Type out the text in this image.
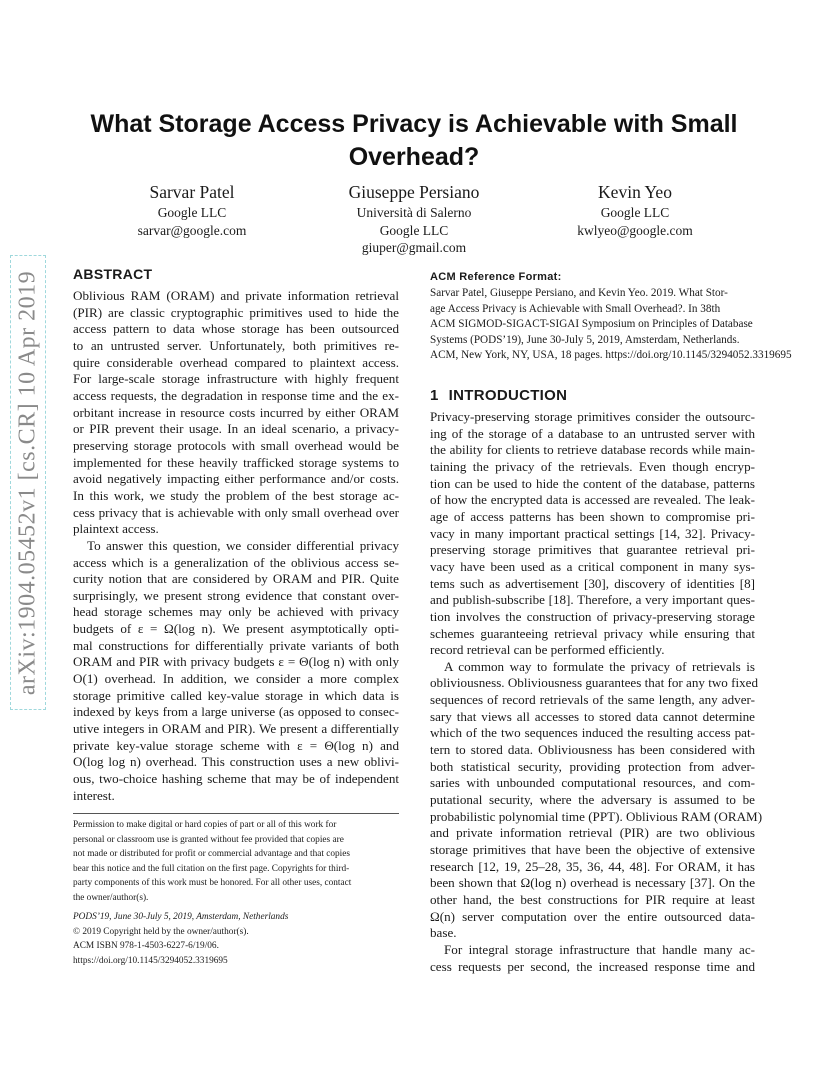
arXiv:1904.05452v1 [cs.CR] 10 Apr 2019
What Storage Access Privacy is Achievable with Small
Overhead?
Sarvar Patel
Google LLC
sarvar@google.com
Giuseppe Persiano
Università di Salerno
Google LLC
giuper@gmail.com
Kevin Yeo
Google LLC
kwlyeo@google.com
ABSTRACT

Oblivious RAM (ORAM) and private information retrieval
(PIR) are classic cryptographic primitives used to hide the
access pattern to data whose storage has been outsourced
to an untrusted server. Unfortunately, both primitives re-
quire considerable overhead compared to plaintext access.
For large-scale storage infrastructure with highly frequent
access requests, the degradation in response time and the ex-
orbitant increase in resource costs incurred by either ORAM
or PIR prevent their usage. In an ideal scenario, a privacy-
preserving storage protocols with small overhead would be
implemented for these heavily trafficked storage systems to
avoid negatively impacting either performance and/or costs.
In this work, we study the problem of the best storage ac-
cess privacy that is achievable with only small overhead over
plaintext access.

To answer this question, we consider differential privacy
access which is a generalization of the oblivious access se-
curity notion that are considered by ORAM and PIR. Quite
surprisingly, we present strong evidence that constant over-
head storage schemes may only be achieved with privacy
budgets of ε = Ω(log n). We present asymptotically opti-
mal constructions for differentially private variants of both
ORAM and PIR with privacy budgets ε = Θ(log n) with only
O(1) overhead. In addition, we consider a more complex
storage primitive called key-value storage in which data is
indexed by keys from a large universe (as opposed to consec-
utive integers in ORAM and PIR). We present a differentially
private key-value storage scheme with ε = Θ(log n) and
O(log log n) overhead. This construction uses a new oblivi-
ous, two-choice hashing scheme that may be of independent
interest.

ACM Reference Format:

Sarvar Patel, Giuseppe Persiano, and Kevin Yeo. 2019. What Stor-
age Access Privacy is Achievable with Small Overhead?. In 38th
ACM SIGMOD-SIGACT-SIGAI Symposium on Principles of Database
Systems (PODS’19), June 30-July 5, 2019, Amsterdam, Netherlands.
ACM, New York, NY, USA, 18 pages. https://doi.org/10.1145/3294052.3319695

1 INTRODUCTION

Privacy-preserving storage primitives consider the outsourc-
ing of the storage of a database to an untrusted server with
the ability for clients to retrieve database records while main-
taining the privacy of the retrievals. Even though encryp-
tion can be used to hide the content of the database, patterns
of how the encrypted data is accessed are revealed. The leak-
age of access patterns has been shown to compromise pri-
vacy in many important practical settings [14, 32]. Privacy-
preserving storage primitives that guarantee retrieval pri-
vacy have been used as a critical component in many sys-
tems such as advertisement [30], discovery of identities [8]
and publish-subscribe [18]. Therefore, a very important ques-
tion involves the construction of privacy-preserving storage
schemes guaranteeing retrieval privacy while ensuring that
record retrieval can be performed efficiently.

A common way to formulate the privacy of retrievals is
obliviousness. Obliviousness guarantees that for any two fixed
sequences of record retrievals of the same length, any adver-
sary that views all accesses to stored data cannot determine
which of the two sequences induced the resulting access pat-
tern to stored data. Obliviousness has been considered with
both statistical security, providing protection from adver-
saries with unbounded computational resources, and com-
putational security, where the adversary is assumed to be
probabilistic polynomial time (PPT). Oblivious RAM (ORAM)
and private information retrieval (PIR) are two oblivious
storage primitives that have been the objective of extensive
research [12, 19, 25–28, 35, 36, 44, 48]. For ORAM, it has
been shown that Ω(log n) overhead is necessary [37]. On the
other hand, the best constructions for PIR require at least
Ω(n) server computation over the entire outsourced data-
base.

For integral storage infrastructure that handle many ac-
cess requests per second, the increased response time and

Permission to make digital or hard copies of part or all of this work for
personal or classroom use is granted without fee provided that copies are
not made or distributed for profit or commercial advantage and that copies
bear this notice and the full citation on the first page. Copyrights for third-
party components of this work must be honored. For all other uses, contact
the owner/author(s).

PODS’19, June 30-July 5, 2019, Amsterdam, Netherlands

© 2019 Copyright held by the owner/author(s).

ACM ISBN 978-1-4503-6227-6/19/06.

https://doi.org/10.1145/3294052.3319695
